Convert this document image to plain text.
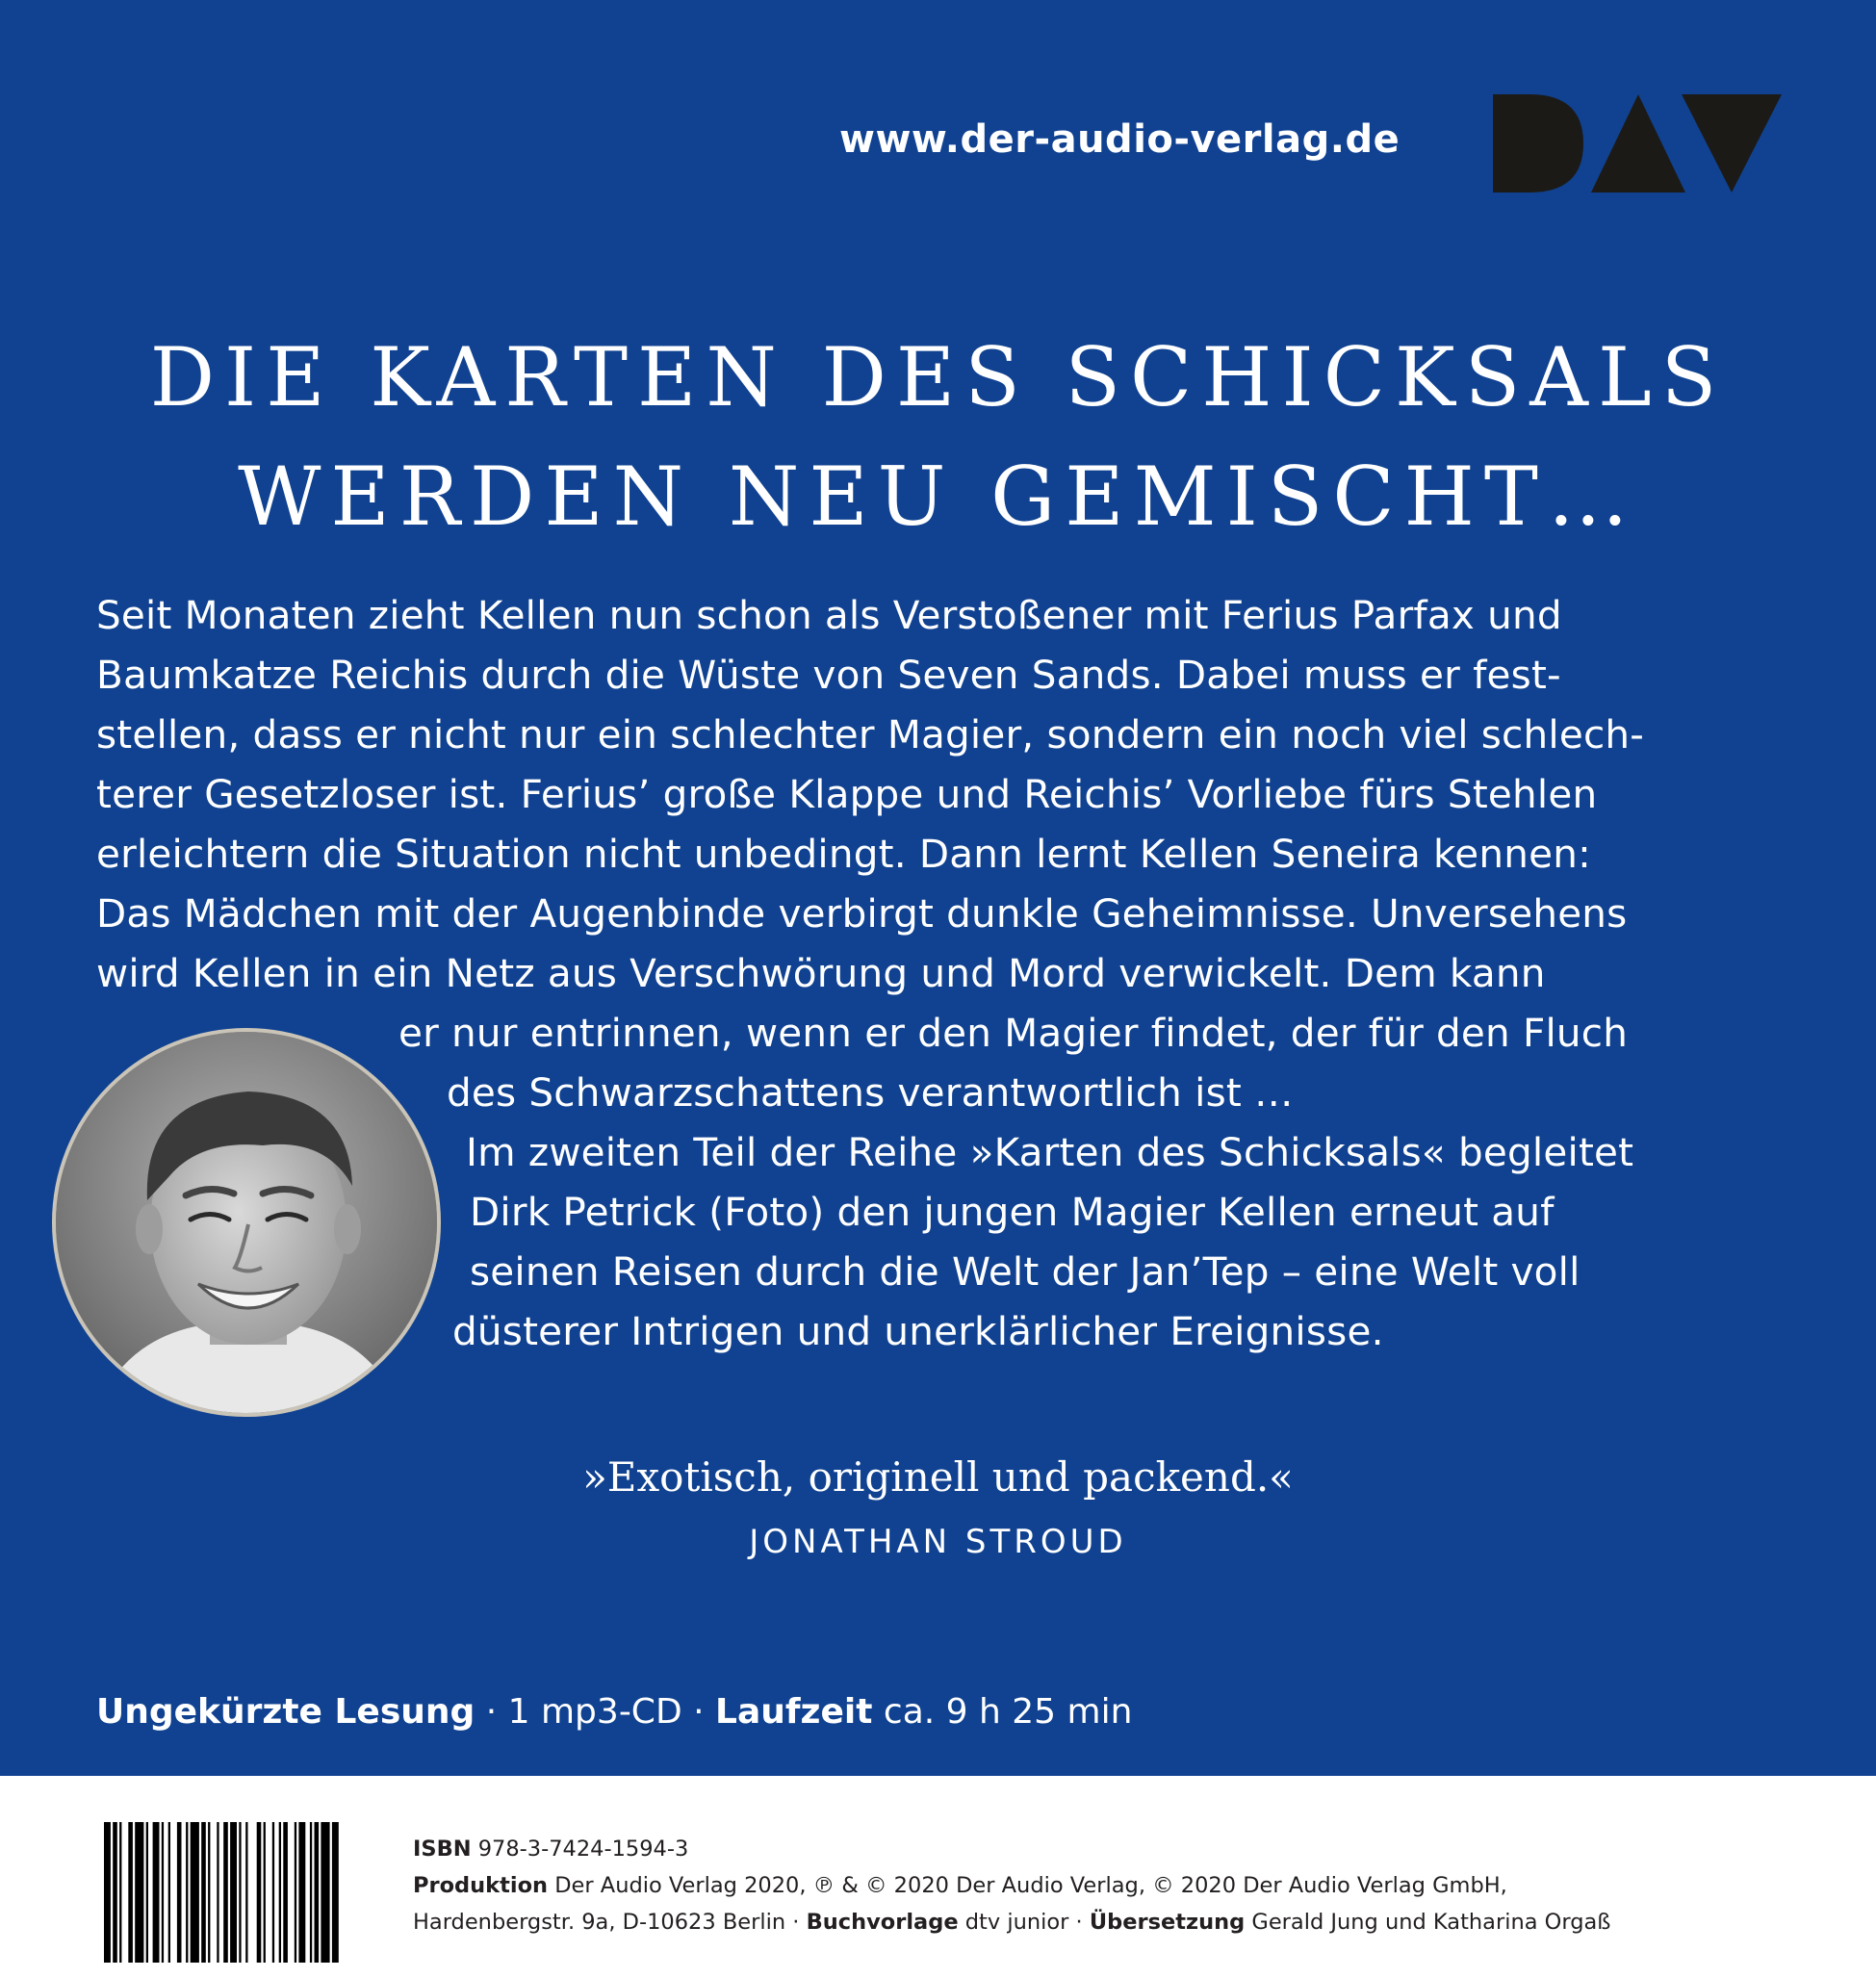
www.der-audio-verlag.de
DIE KARTEN DES SCHICKSALS
WERDEN NEU GEMISCHT…
Seit Monaten zieht Kellen nun schon als Verstoßener mit Ferius Parfax und
Baumkatze Reichis durch die Wüste von Seven Sands. Dabei muss er fest-
stellen, dass er nicht nur ein schlechter Magier, sondern ein noch viel schlech-
terer Gesetzloser ist. Ferius’ große Klappe und Reichis’ Vorliebe fürs Stehlen
erleichtern die Situation nicht unbedingt. Dann lernt Kellen Seneira kennen:
Das Mädchen mit der Augenbinde verbirgt dunkle Geheimnisse. Unversehens
wird Kellen in ein Netz aus Verschwörung und Mord verwickelt. Dem kann
er nur entrinnen, wenn er den Magier findet, der für den Fluch
des Schwarzschattens verantwortlich ist …
Im zweiten Teil der Reihe »Karten des Schicksals« begleitet
Dirk Petrick (Foto) den jungen Magier Kellen erneut auf
seinen Reisen durch die Welt der Jan’Tep – eine Welt voll
düsterer Intrigen und unerklärlicher Ereignisse.
»Exotisch, originell und packend.«
JONATHAN STROUD
Ungekürzte Lesung · 1 mp3-CD · Laufzeit ca. 9 h 25 min
ISBN 978-3-7424-1594-3
Produktion Der Audio Verlag 2020, ℗ & © 2020 Der Audio Verlag, © 2020 Der Audio Verlag GmbH,
Hardenbergstr. 9a, D-10623 Berlin · Buchvorlage dtv junior · Übersetzung Gerald Jung und Katharina Orgaß
